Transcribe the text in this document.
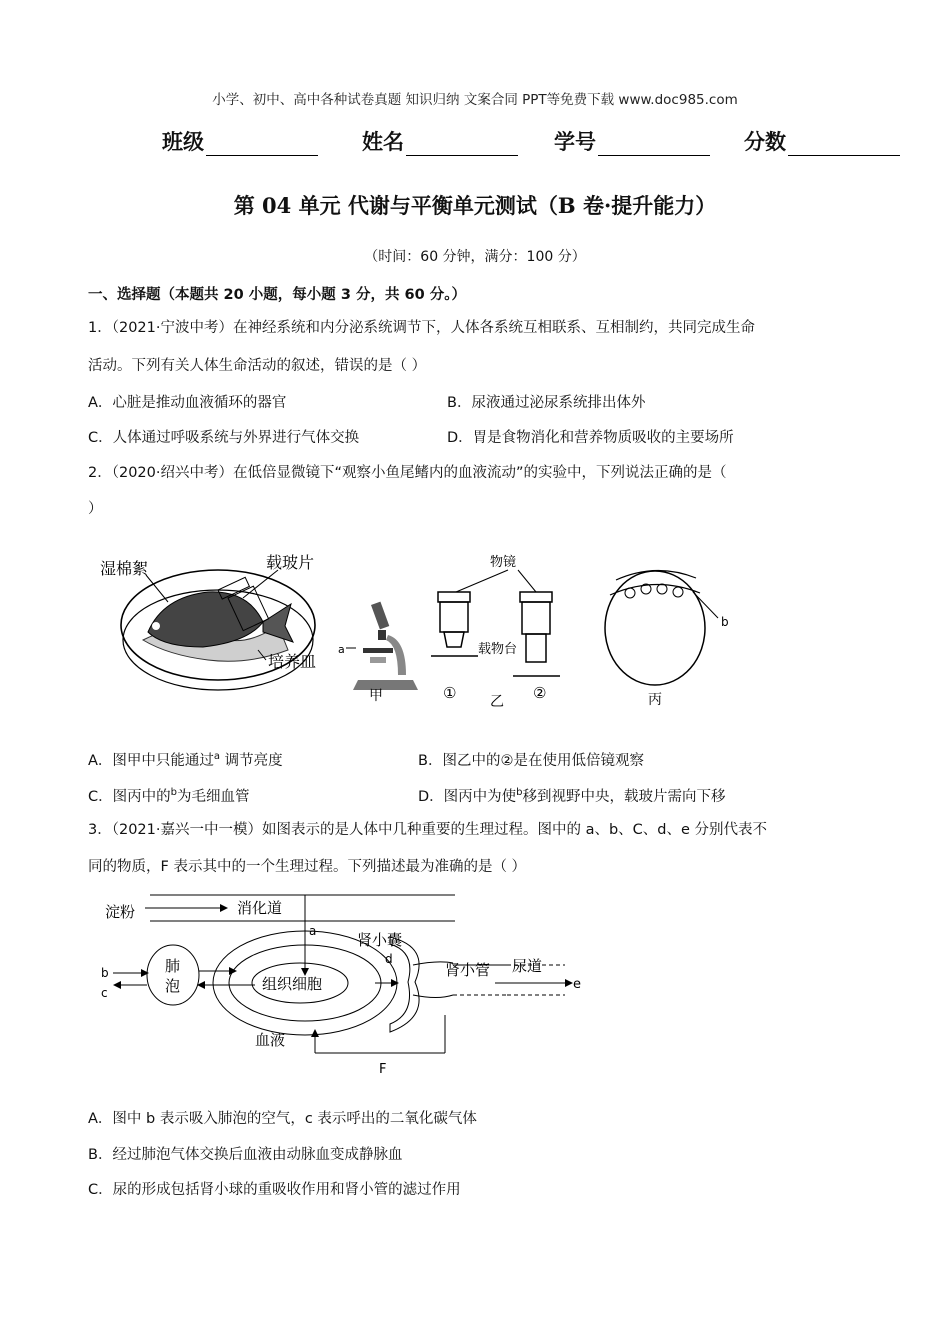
小学、初中、高中各种试卷真题 知识归纳 文案合同 PPT等免费下载 www.doc985.com
班级	姓名	学号	分数
第 04 单元 代谢与平衡单元测试（B 卷·提升能力）
（时间：60 分钟，满分：100 分）
一、选择题（本题共 20 小题，每小题 3 分，共 60 分。）
1．（2021·宁波中考）在神经系统和内分泌系统调节下，人体各系统互相联系、互相制约，共同完成生命
活动。下列有关人体生命活动的叙述，错误的是（ ）
A．心脏是推动血液循环的器官	B．尿液通过泌尿系统排出体外
C．人体通过呼吸系统与外界进行气体交换	D．胃是食物消化和营养物质吸收的主要场所
2．（2020·绍兴中考）在低倍显微镜下“观察小鱼尾鳍内的血液流动”的实验中，下列说法正确的是（
）
湿棉絮	载玻片
培养皿
a
甲
物镜
载物台
① 乙 ②
b
丙
A．图甲中只能通过$^a$ 调节亮度	B．图乙中的②是在使用低倍镜观察
C．图丙中的$^b$为毛细血管	D．图丙中为使$^b$移到视野中央，载玻片需向下移
3．（2021·嘉兴一中一模）如图表示的是人体中几种重要的生理过程。图中的 a、b、C、d、e 分别代表不
同的物质，F 表示其中的一个生理过程。下列描述最为准确的是（ ）
淀粉	消化道
a
组织细胞
肺
泡
b
c
d
肾小囊
肾小管 尿道
e
血液
F
A．图中 b 表示吸入肺泡的空气，c 表示呼出的二氧化碳气体
B．经过肺泡气体交换后血液由动脉血变成静脉血
C．尿的形成包括肾小球的重吸收作用和肾小管的滤过作用
